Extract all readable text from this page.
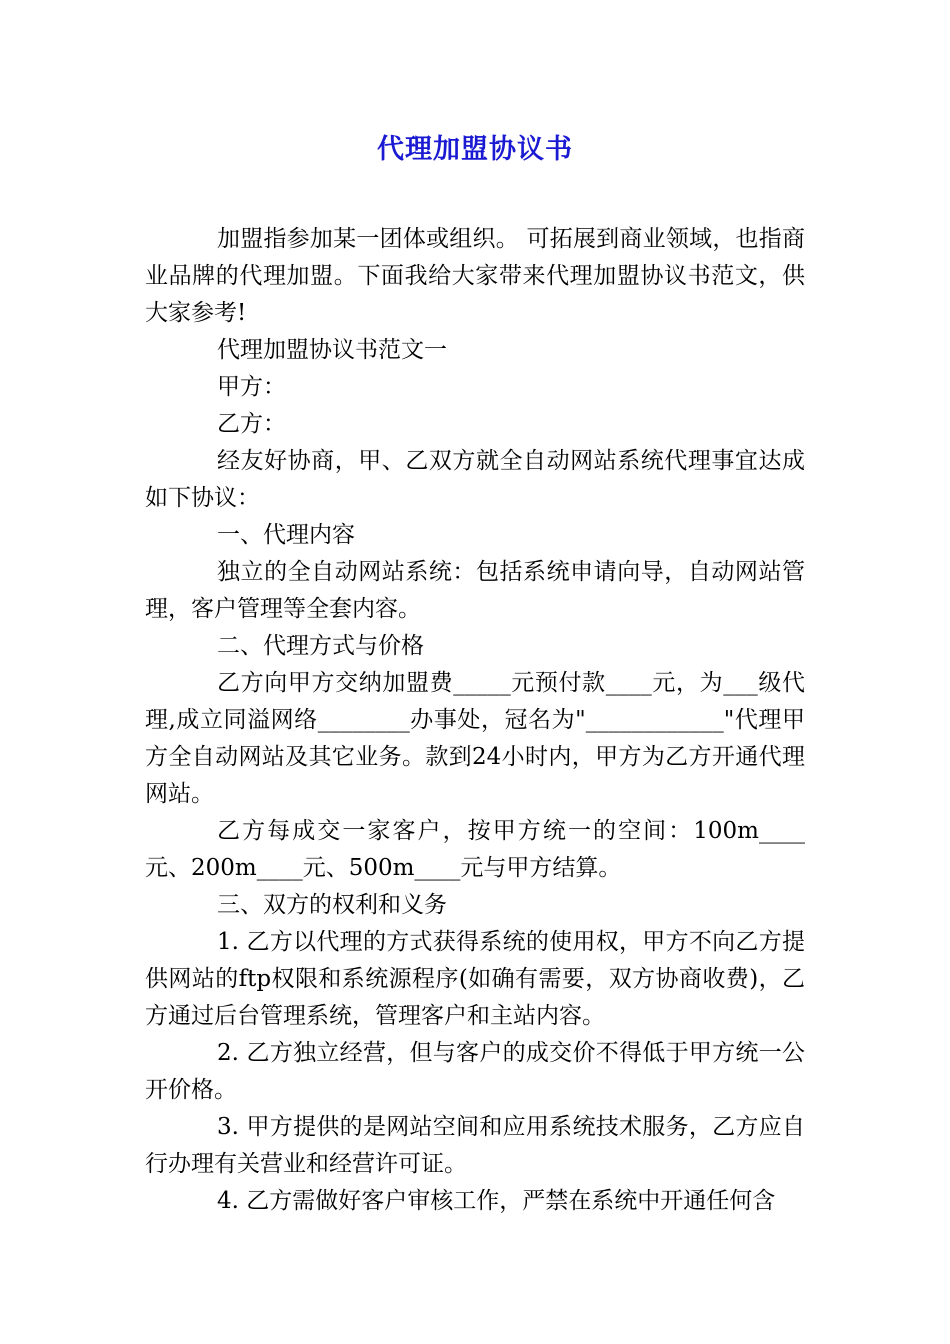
代理加盟协议书

加盟指参加某一团体或组织。 可拓展到商业领域，也指商业品牌的代理加盟。下面我给大家带来代理加盟协议书范文，供大家参考!

代理加盟协议书范文一

甲方：

乙方：

经友好协商，甲、乙双方就全自动网站系统代理事宜达成如下协议：

一、代理内容

独立的全自动网站系统：包括系统申请向导，自动网站管理，客户管理等全套内容。

二、代理方式与价格

乙方向甲方交纳加盟费_____元预付款____元，为___级代理,成立同溢网络________办事处，冠名为"____________"代理甲方全自动网站及其它业务。款到24小时内，甲方为乙方开通代理网站。

乙方每成交一家客户，按甲方统一的空间：100m____元、200m____元、500m____元与甲方结算。

三、双方的权利和义务

1. 乙方以代理的方式获得系统的使用权，甲方不向乙方提供网站的ftp权限和系统源程序(如确有需要，双方协商收费)，乙方通过后台管理系统，管理客户和主站内容。

2. 乙方独立经营，但与客户的成交价不得低于甲方统一公开价格。

3. 甲方提供的是网站空间和应用系统技术服务，乙方应自行办理有关营业和经营许可证。

4. 乙方需做好客户审核工作，严禁在系统中开通任何含
